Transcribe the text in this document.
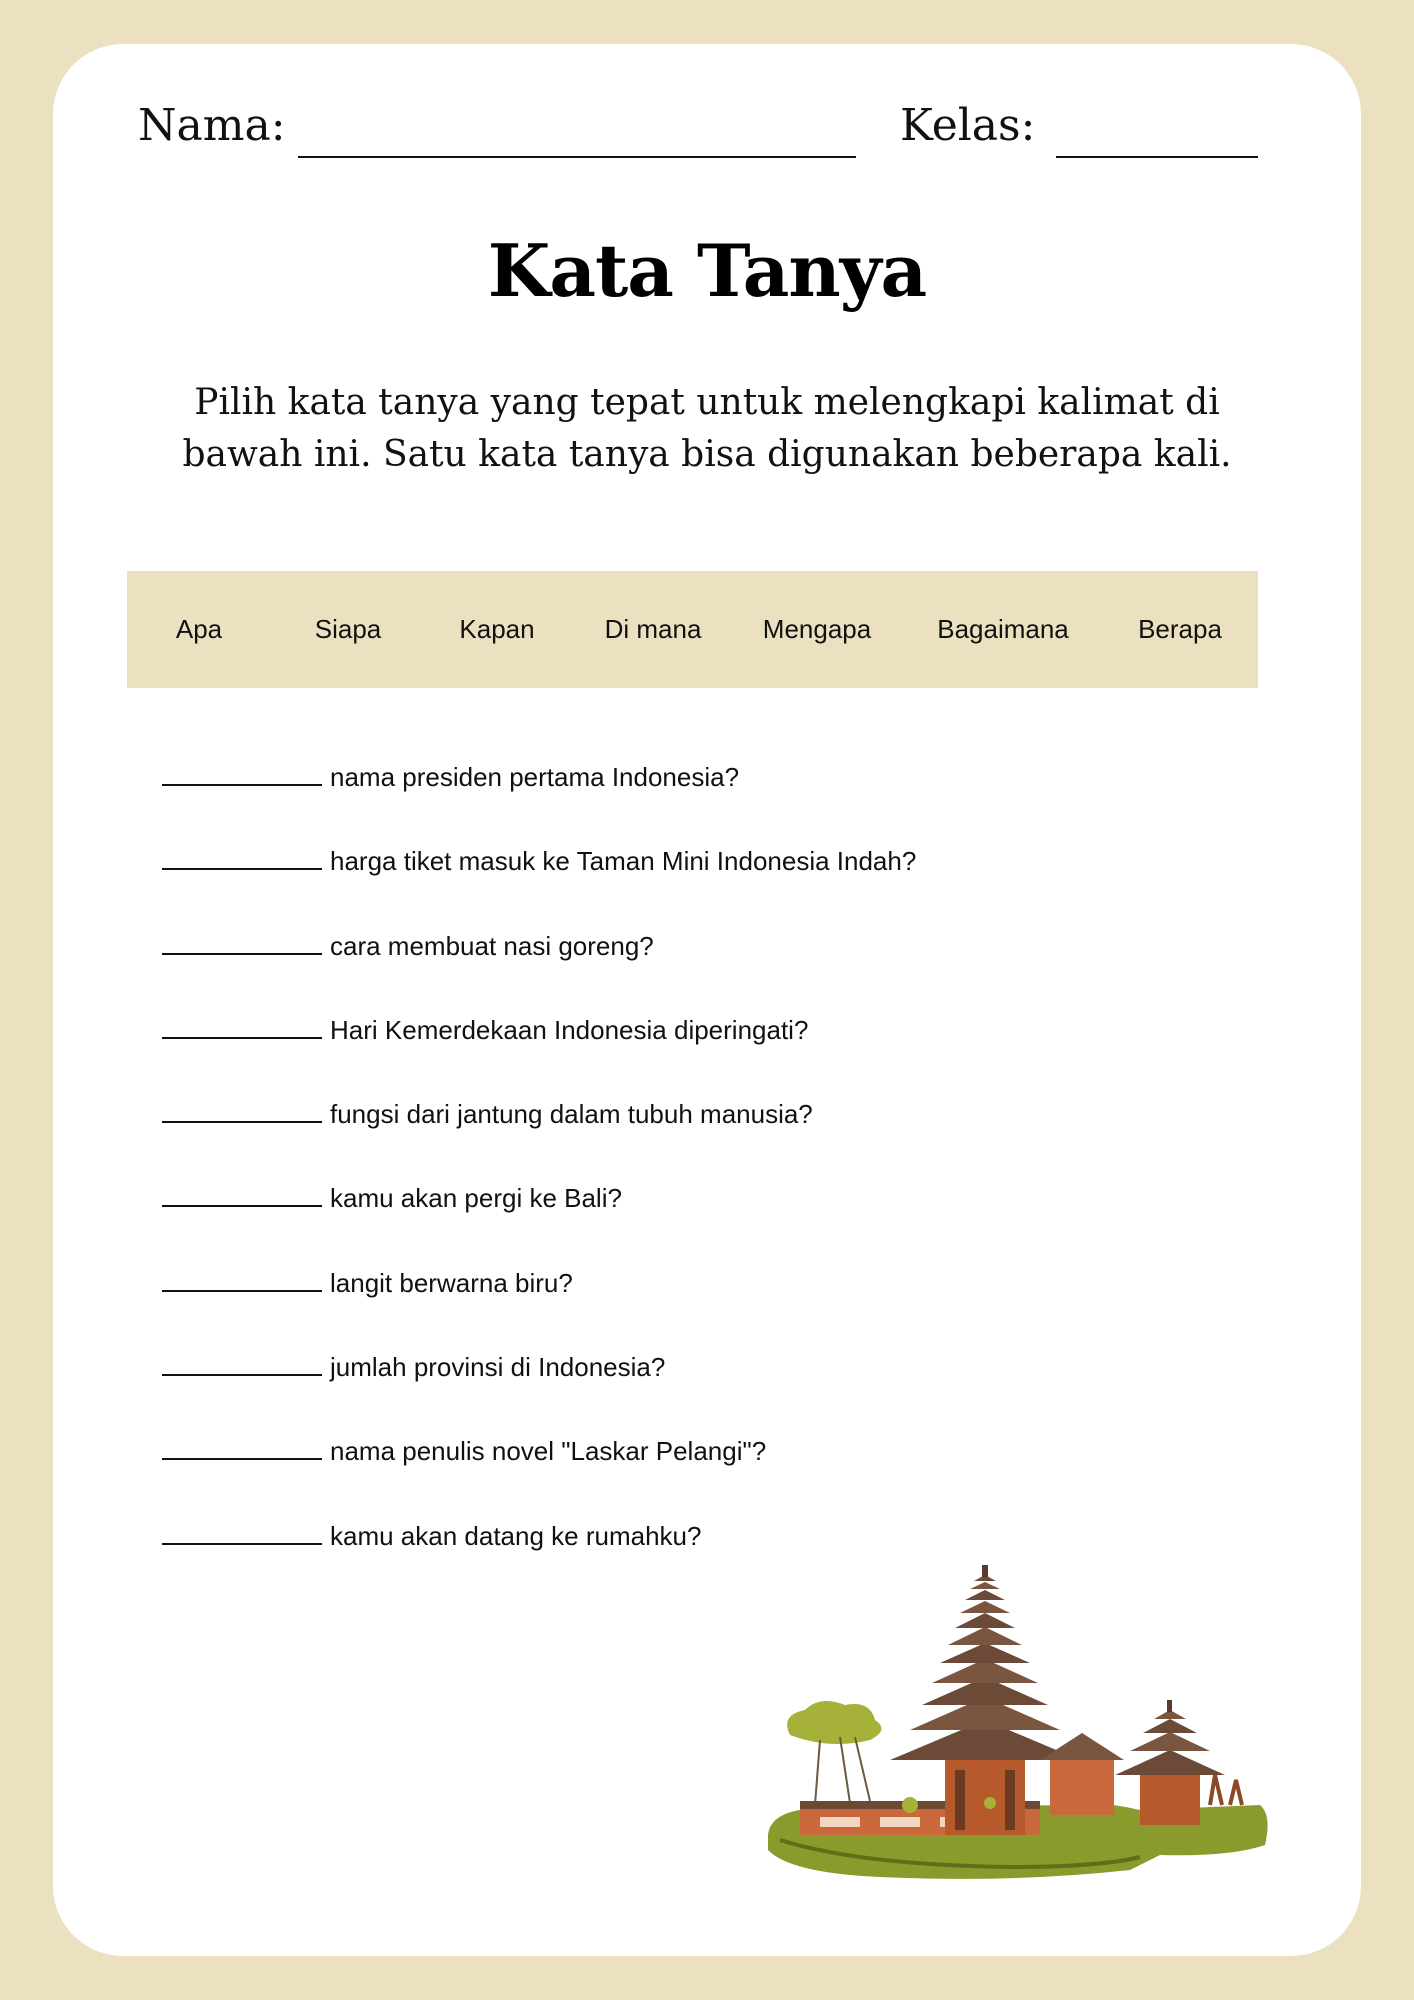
Nama:	Kelas:
Kata Tanya
Pilih kata tanya yang tepat untuk melengkapi kalimat di bawah ini. Satu kata tanya bisa digunakan beberapa kali.
Apa	Siapa	Kapan	Di mana Mengapa	Bagaimana	Berapa
nama presiden pertama Indonesia?
harga tiket masuk ke Taman Mini Indonesia Indah?
cara membuat nasi goreng?
Hari Kemerdekaan Indonesia diperingati?
fungsi dari jantung dalam tubuh manusia?
kamu akan pergi ke Bali?
langit berwarna biru?
jumlah provinsi di Indonesia?
nama penulis novel "Laskar Pelangi"?
kamu akan datang ke rumahku?
